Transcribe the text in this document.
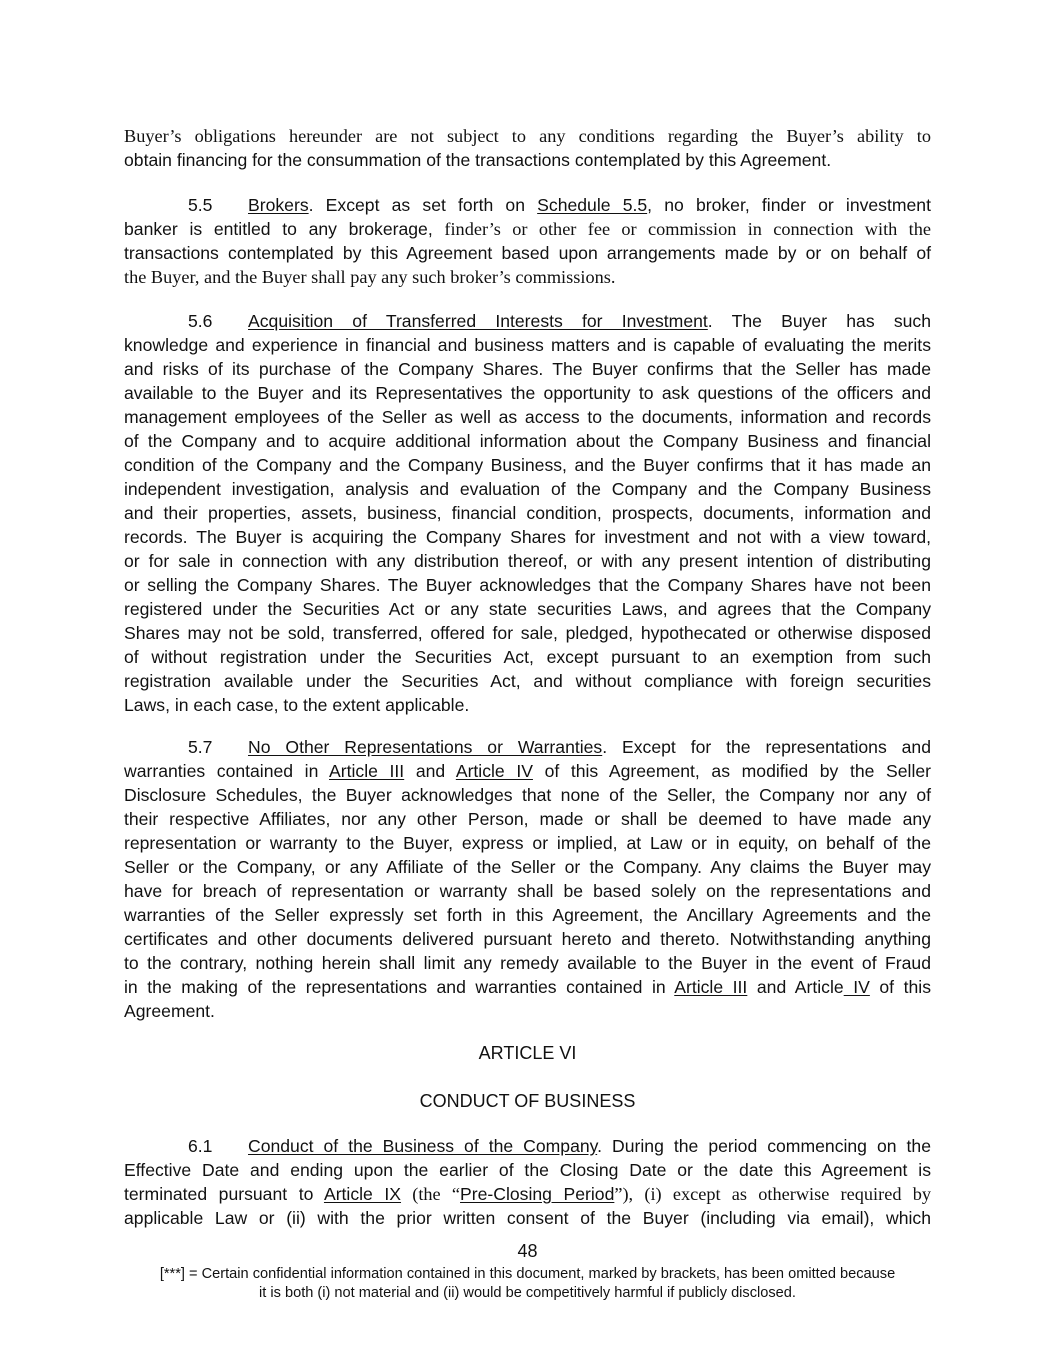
Buyer’s obligations hereunder are not subject to any conditions regarding the Buyer’s ability to
obtain financing for the consummation of the transactions contemplated by this Agreement.
5.5 Brokers. Except as set forth on Schedule 5.5, no broker, finder or investment
banker is entitled to any brokerage, finder’s or other fee or commission in connection with the
transactions contemplated by this Agreement based upon arrangements made by or on behalf of
the Buyer, and the Buyer shall pay any such broker’s commissions.
5.6 Acquisition of Transferred Interests for Investment. The Buyer has such
knowledge and experience in financial and business matters and is capable of evaluating the merits
and risks of its purchase of the Company Shares. The Buyer confirms that the Seller has made
available to the Buyer and its Representatives the opportunity to ask questions of the officers and
management employees of the Seller as well as access to the documents, information and records
of the Company and to acquire additional information about the Company Business and financial
condition of the Company and the Company Business, and the Buyer confirms that it has made an
independent investigation, analysis and evaluation of the Company and the Company Business
and their properties, assets, business, financial condition, prospects, documents, information and
records. The Buyer is acquiring the Company Shares for investment and not with a view toward,
or for sale in connection with any distribution thereof, or with any present intention of distributing
or selling the Company Shares. The Buyer acknowledges that the Company Shares have not been
registered under the Securities Act or any state securities Laws, and agrees that the Company
Shares may not be sold, transferred, offered for sale, pledged, hypothecated or otherwise disposed
of without registration under the Securities Act, except pursuant to an exemption from such
registration available under the Securities Act, and without compliance with foreign securities
Laws, in each case, to the extent applicable.
5.7 No Other Representations or Warranties. Except for the representations and
warranties contained in Article III and Article IV of this Agreement, as modified by the Seller
Disclosure Schedules, the Buyer acknowledges that none of the Seller, the Company nor any of
their respective Affiliates, nor any other Person, made or shall be deemed to have made any
representation or warranty to the Buyer, express or implied, at Law or in equity, on behalf of the
Seller or the Company, or any Affiliate of the Seller or the Company. Any claims the Buyer may
have for breach of representation or warranty shall be based solely on the representations and
warranties of the Seller expressly set forth in this Agreement, the Ancillary Agreements and the
certificates and other documents delivered pursuant hereto and thereto. Notwithstanding anything
to the contrary, nothing herein shall limit any remedy available to the Buyer in the event of Fraud
in the making of the representations and warranties contained in Article III and Article IV of this
Agreement.
ARTICLE VI
CONDUCT OF BUSINESS
6.1 Conduct of the Business of the Company. During the period commencing on the
Effective Date and ending upon the earlier of the Closing Date or the date this Agreement is
terminated pursuant to Article IX (the “Pre-Closing Period”), (i) except as otherwise required by
applicable Law or (ii) with the prior written consent of the Buyer (including via email), which
48
[***] = Certain confidential information contained in this document, marked by brackets, has been omitted because
it is both (i) not material and (ii) would be competitively harmful if publicly disclosed.
